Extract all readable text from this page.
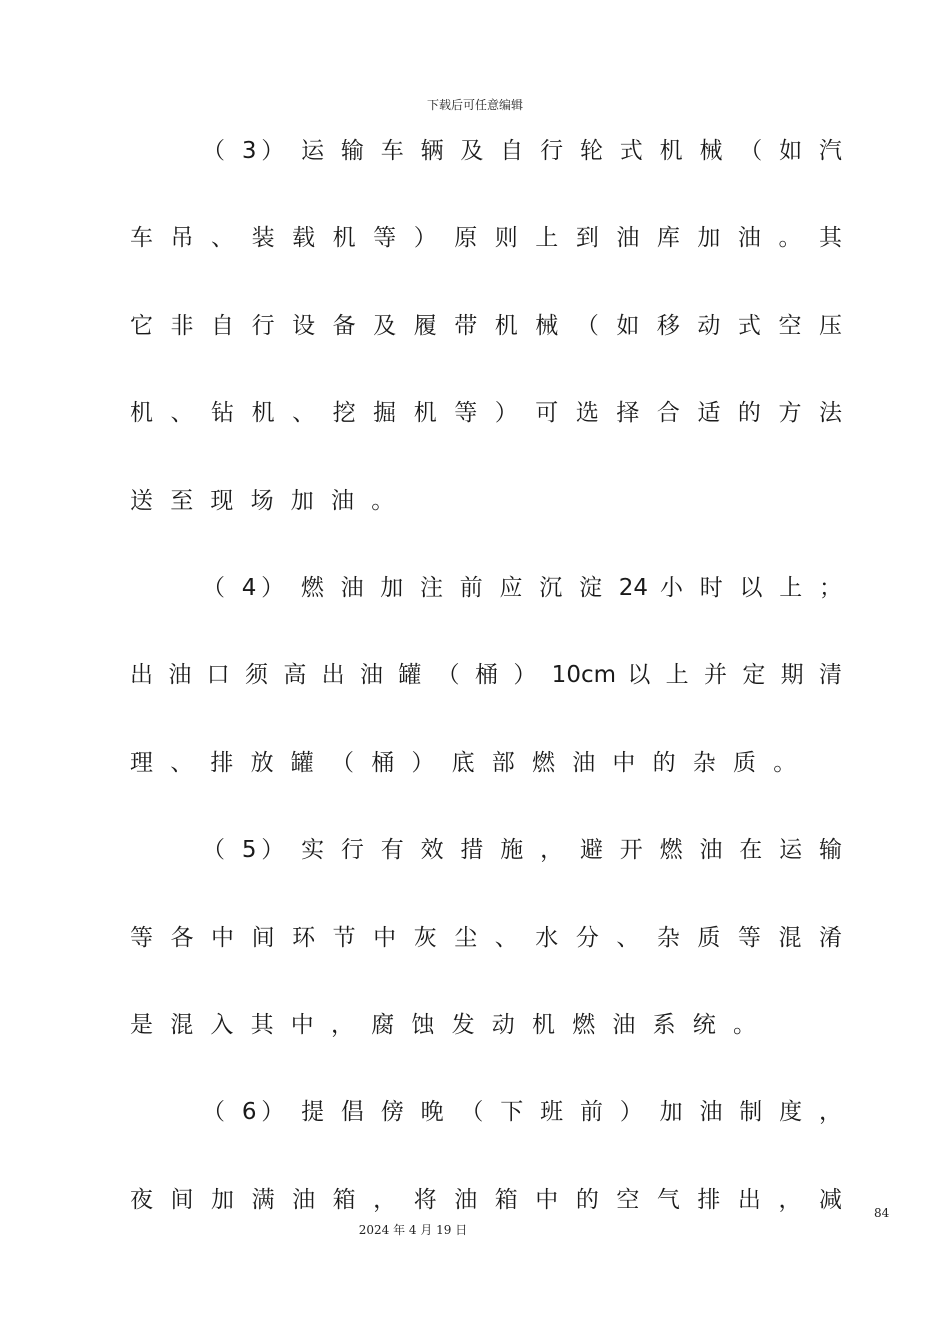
下载后可任意编辑
（ 3） 运 输 车 辆 及 自 行 轮 式 机 械 （ 如 汽
车 吊 、 装 载 机 等 ） 原 则 上 到 油 库 加 油 。 其
它 非 自 行 设 备 及 履 带 机 械 （ 如 移 动 式 空 压
机 、 钻 机 、 挖 掘 机 等 ） 可 选 择 合 适 的 方 法
送至现场加油。
（ 4） 燃 油 加 注 前 应 沉 淀 24 小 时 以 上 ；
出 油 口 须 高 出 油 罐 （ 桶 ） 10cm 以 上 并 定 期 清
理、排放罐（桶）底部燃油中的杂质。
（ 5） 实 行 有 效 措 施 ， 避 开 燃 油 在 运 输
等 各 中 间 环 节 中 灰 尘 、 水 分 、 杂 质 等 混 淆
是混入其中，腐蚀发动机燃油系统。
（ 6） 提 倡 傍 晚 （ 下 班 前 ） 加 油 制 度 ，
夜 间 加 满 油 箱 ， 将 油 箱 中 的 空 气 排 出 ， 减
84
2024 年 4 月 19 日
